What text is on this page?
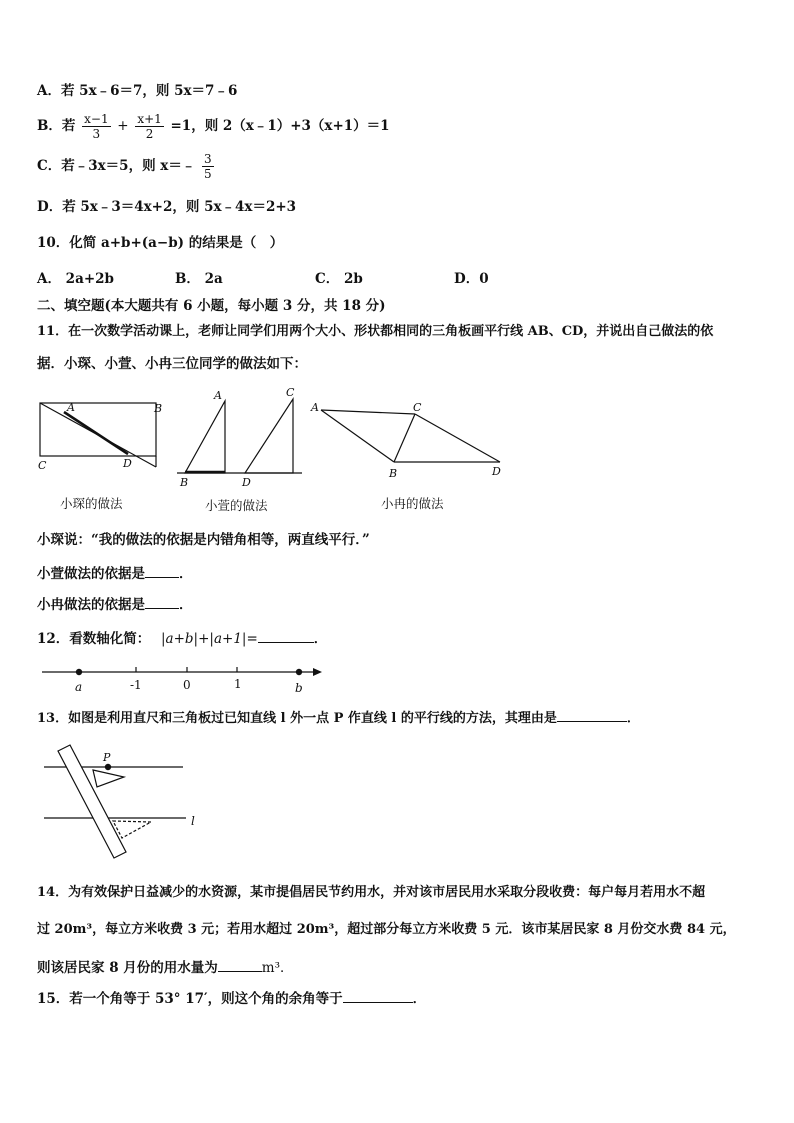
A．若 5x﹣6＝7，则 5x＝7﹣6
B．若 $\frac{x-1}{3} + \frac{x+1}{2} =1$，则 2（x﹣1）+3（x+1）＝1
C．若﹣3x＝5，则 x＝﹣ $\frac{3}{5}$
D．若 5x﹣3＝4x+2，则 5x﹣4x＝2+3
10．化简 a+b+(a−b) 的结果是（　）
A． 2a+2b	B． 2a	C． 2b	D．0
二、填空题(本大题共有 6 小题，每小题 3 分，共 18 分)
11．在一次数学活动课上，老师让同学们用两个大小、形状都相同的三角板画平行线 AB、CD，并说出自己做法的依
据．小琛、小萱、小冉三位同学的做法如下：
A	B
C	D
A	C
B	D
A	C
B	D
a	-1	0	1	b
P
l
小琛的做法	小萱的做法	小冉的做法
小琛说：“我的做法的依据是内错角相等，两直线平行．”
小萱做法的依据是	．
小冉做法的依据是	．
12．看数轴化简： |a+b|+|a+1|=	．
13．如图是利用直尺和三角板过已知直线 l 外一点 P 作直线 l 的平行线的方法，其理由是	．
14．为有效保护日益减少的水资源，某市提倡居民节约用水，并对该市居民用水采取分段收费：每户每月若用水不超
过 20m³，每立方米收费 3 元；若用水超过 20m³，超过部分每立方米收费 5 元．该市某居民家 8 月份交水费 84 元，
则该居民家 8 月份的用水量为	m³．
15．若一个角等于 53° 17′，则这个角的余角等于	．
